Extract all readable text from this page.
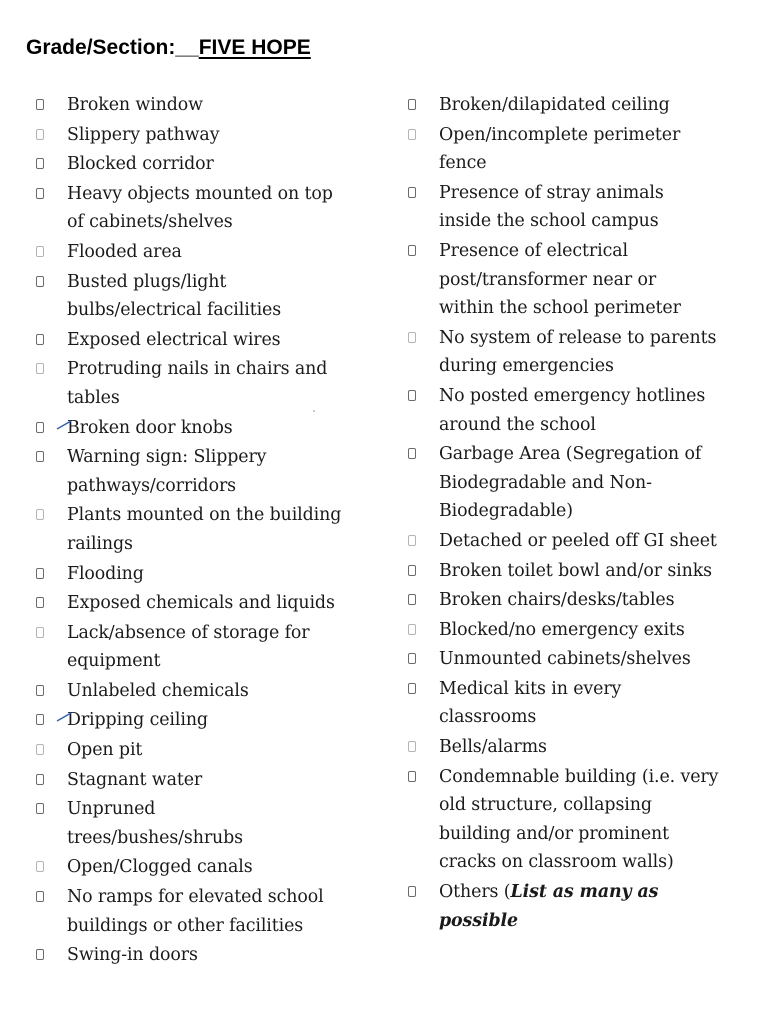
Grade/Section:__FIVE HOPE
Broken window
Slippery pathway
Blocked corridor
Heavy objects mounted on top
of cabinets/shelves
Flooded area
Busted plugs/light
bulbs/electrical facilities
Exposed electrical wires
Protruding nails in chairs and
tables
Broken door knobs
Warning sign: Slippery
pathways/corridors
Plants mounted on the building
railings
Flooding
Exposed chemicals and liquids
Lack/absence of storage for
equipment
Unlabeled chemicals
Dripping ceiling
Open pit
Stagnant water
Unpruned
trees/bushes/shrubs
Open/Clogged canals
No ramps for elevated school
buildings or other facilities
Swing-in doors
Broken/dilapidated ceiling
Open/incomplete perimeter
fence
Presence of stray animals
inside the school campus
Presence of electrical
post/transformer near or
within the school perimeter
No system of release to parents
during emergencies
No posted emergency hotlines
around the school
Garbage Area (Segregation of
Biodegradable and Non-
Biodegradable)
Detached or peeled off GI sheet
Broken toilet bowl and/or sinks
Broken chairs/desks/tables
Blocked/no emergency exits
Unmounted cabinets/shelves
Medical kits in every
classrooms
Bells/alarms
Condemnable building (i.e. very
old structure, collapsing
building and/or prominent
cracks on classroom walls)
Others (List as many as
possible
